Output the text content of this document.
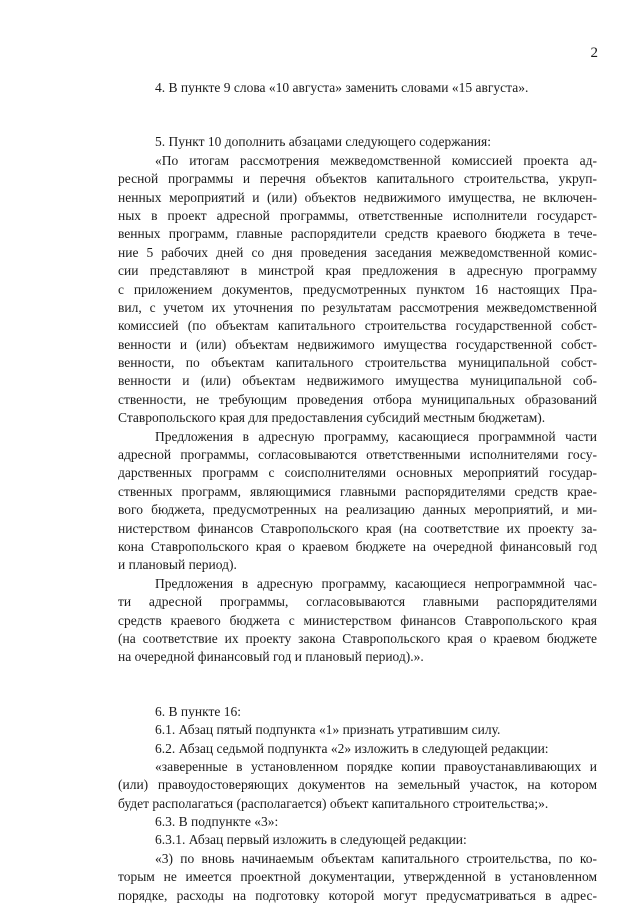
2
4. В пункте 9 слова «10 августа» заменить словами «15 августа».
5. Пункт 10 дополнить абзацами следующего содержания:
«По итогам рассмотрения межведомственной комиссией проекта ад-
ресной программы и перечня объектов капитального строительства, укруп-
ненных мероприятий и (или) объектов недвижимого имущества, не включен-
ных в проект адресной программы, ответственные исполнители государст-
венных программ, главные распорядители средств краевого бюджета в тече-
ние 5 рабочих дней со дня проведения заседания межведомственной комис-
сии представляют в минстрой края предложения в адресную программу
с приложением документов, предусмотренных пунктом 16 настоящих Пра-
вил, с учетом их уточнения по результатам рассмотрения межведомственной
комиссией (по объектам капитального строительства государственной собст-
венности и (или) объектам недвижимого имущества государственной собст-
венности, по объектам капитального строительства муниципальной собст-
венности и (или) объектам недвижимого имущества муниципальной соб-
ственности, не требующим проведения отбора муниципальных образований
Ставропольского края для предоставления субсидий местным бюджетам).
Предложения в адресную программу, касающиеся программной части
адресной программы, согласовываются ответственными исполнителями госу-
дарственных программ с соисполнителями основных мероприятий государ-
ственных программ, являющимися главными распорядителями средств крае-
вого бюджета, предусмотренных на реализацию данных мероприятий, и ми-
нистерством финансов Ставропольского края (на соответствие их проекту за-
кона Ставропольского края о краевом бюджете на очередной финансовый год
и плановый период).
Предложения в адресную программу, касающиеся непрограммной час-
ти адресной программы, согласовываются главными распорядителями
средств краевого бюджета с министерством финансов Ставропольского края
(на соответствие их проекту закона Ставропольского края о краевом бюджете
на очередной финансовый год и плановый период).».
6. В пункте 16:
6.1. Абзац пятый подпункта «1» признать утратившим силу.
6.2. Абзац седьмой подпункта «2» изложить в следующей редакции:
«заверенные в установленном порядке копии правоустанавливающих и
(или) правоудостоверяющих документов на земельный участок, на котором
будет располагаться (располагается) объект капитального строительства;».
6.3. В подпункте «3»:
6.3.1. Абзац первый изложить в следующей редакции:
«3) по вновь начинаемым объектам капитального строительства, по ко-
торым не имеется проектной документации, утвержденной в установленном
порядке, расходы на подготовку которой могут предусматриваться в адрес-
